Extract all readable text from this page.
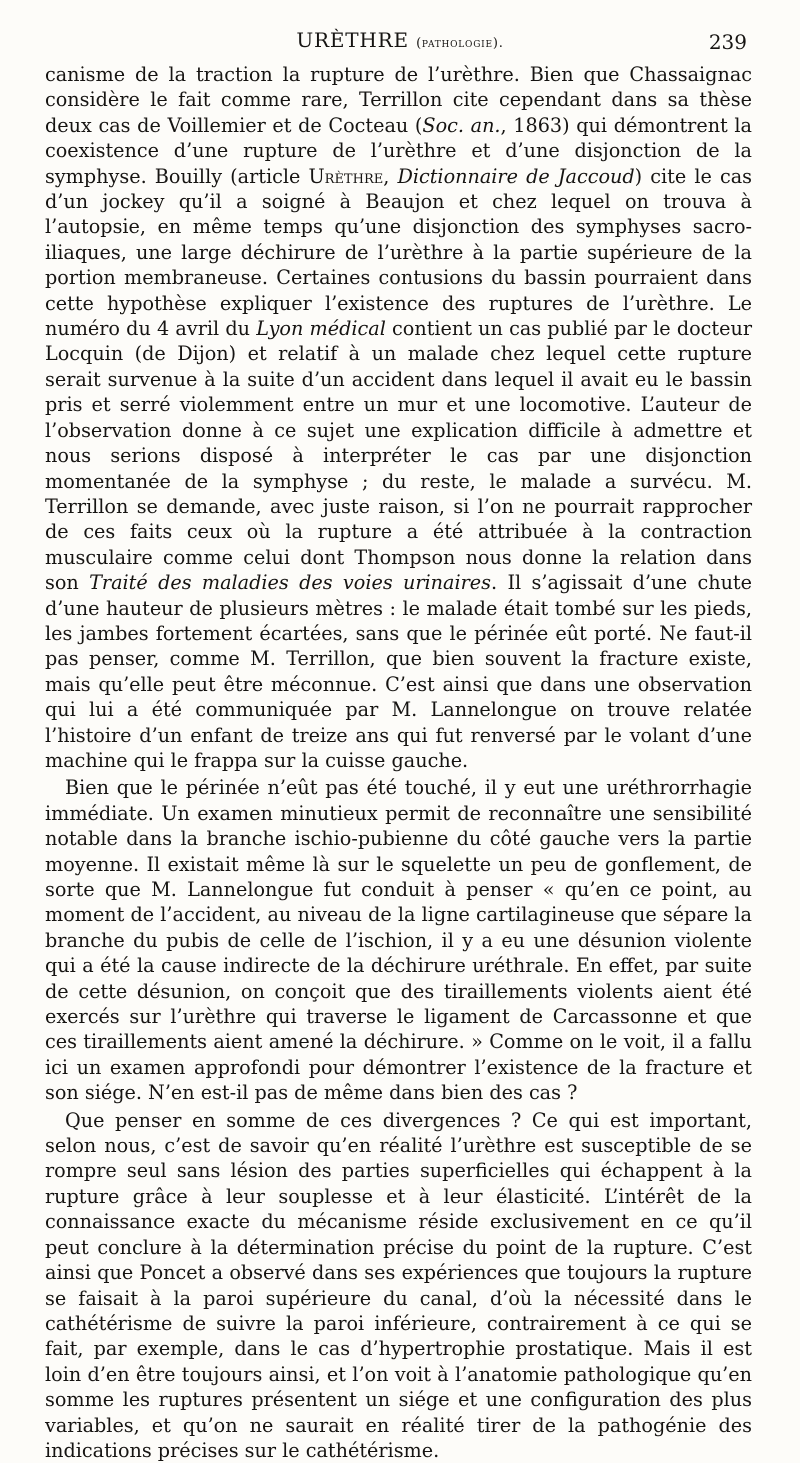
URÈTHRE (pathologie).	239

canisme de la traction la rupture de l’urèthre. Bien que Chassaignac considère le fait comme rare, Terrillon cite cependant dans sa thèse deux cas de Voillemier et de Cocteau (Soc. an., 1863) qui démontrent la coexistence d’une rupture de l’urèthre et d’une disjonction de la symphyse. Bouilly (article Urèthre, Dictionnaire de Jaccoud) cite le cas d’un jockey qu’il a soigné à Beaujon et chez lequel on trouva à l’autopsie, en même temps qu’une disjonction des symphyses sacro-iliaques, une large déchirure de l’urèthre à la partie supérieure de la portion membraneuse. Certaines contusions du bassin pourraient dans cette hypothèse expliquer l’existence des ruptures de l’urèthre. Le numéro du 4 avril du Lyon médical contient un cas publié par le docteur Locquin (de Dijon) et relatif à un malade chez lequel cette rupture serait survenue à la suite d’un accident dans lequel il avait eu le bassin pris et serré violemment entre un mur et une locomotive. L’auteur de l’observation donne à ce sujet une explication difficile à admettre et nous serions disposé à interpréter le cas par une disjonction momentanée de la symphyse ; du reste, le malade a survécu. M. Terrillon se demande, avec juste raison, si l’on ne pourrait rapprocher de ces faits ceux où la rupture a été attribuée à la contraction musculaire comme celui dont Thompson nous donne la relation dans son Traité des maladies des voies urinaires. Il s’agissait d’une chute d’une hauteur de plusieurs mètres : le malade était tombé sur les pieds, les jambes fortement écartées, sans que le périnée eût porté. Ne faut-il pas penser, comme M. Terrillon, que bien souvent la fracture existe, mais qu’elle peut être méconnue. C’est ainsi que dans une observation qui lui a été communiquée par M. Lannelongue on trouve relatée l’histoire d’un enfant de treize ans qui fut renversé par le volant d’une machine qui le frappa sur la cuisse gauche.

Bien que le périnée n’eût pas été touché, il y eut une uréthrorrhagie immédiate. Un examen minutieux permit de reconnaître une sensibilité notable dans la branche ischio-pubienne du côté gauche vers la partie moyenne. Il existait même là sur le squelette un peu de gonflement, de sorte que M. Lannelongue fut conduit à penser « qu’en ce point, au moment de l’accident, au niveau de la ligne cartilagineuse que sépare la branche du pubis de celle de l’ischion, il y a eu une désunion violente qui a été la cause indirecte de la déchirure uréthrale. En effet, par suite de cette désunion, on conçoit que des tiraillements violents aient été exercés sur l’urèthre qui traverse le ligament de Carcassonne et que ces tiraillements aient amené la déchirure. » Comme on le voit, il a fallu ici un examen approfondi pour démontrer l’existence de la fracture et son siége. N’en est-il pas de même dans bien des cas ?

Que penser en somme de ces divergences ? Ce qui est important, selon nous, c’est de savoir qu’en réalité l’urèthre est susceptible de se rompre seul sans lésion des parties superficielles qui échappent à la rupture grâce à leur souplesse et à leur élasticité. L’intérêt de la connaissance exacte du mécanisme réside exclusivement en ce qu’il peut conclure à la détermination précise du point de la rupture. C’est ainsi que Poncet a observé dans ses expériences que toujours la rupture se faisait à la paroi supérieure du canal, d’où la nécessité dans le cathétérisme de suivre la paroi inférieure, contrairement à ce qui se fait, par exemple, dans le cas d’hypertrophie prostatique. Mais il est loin d’en être toujours ainsi, et l’on voit à l’anatomie pathologique qu’en somme les ruptures présentent un siége et une configuration des plus variables, et qu’on ne saurait en réalité tirer de la pathogénie des indications précises sur le cathétérisme.
